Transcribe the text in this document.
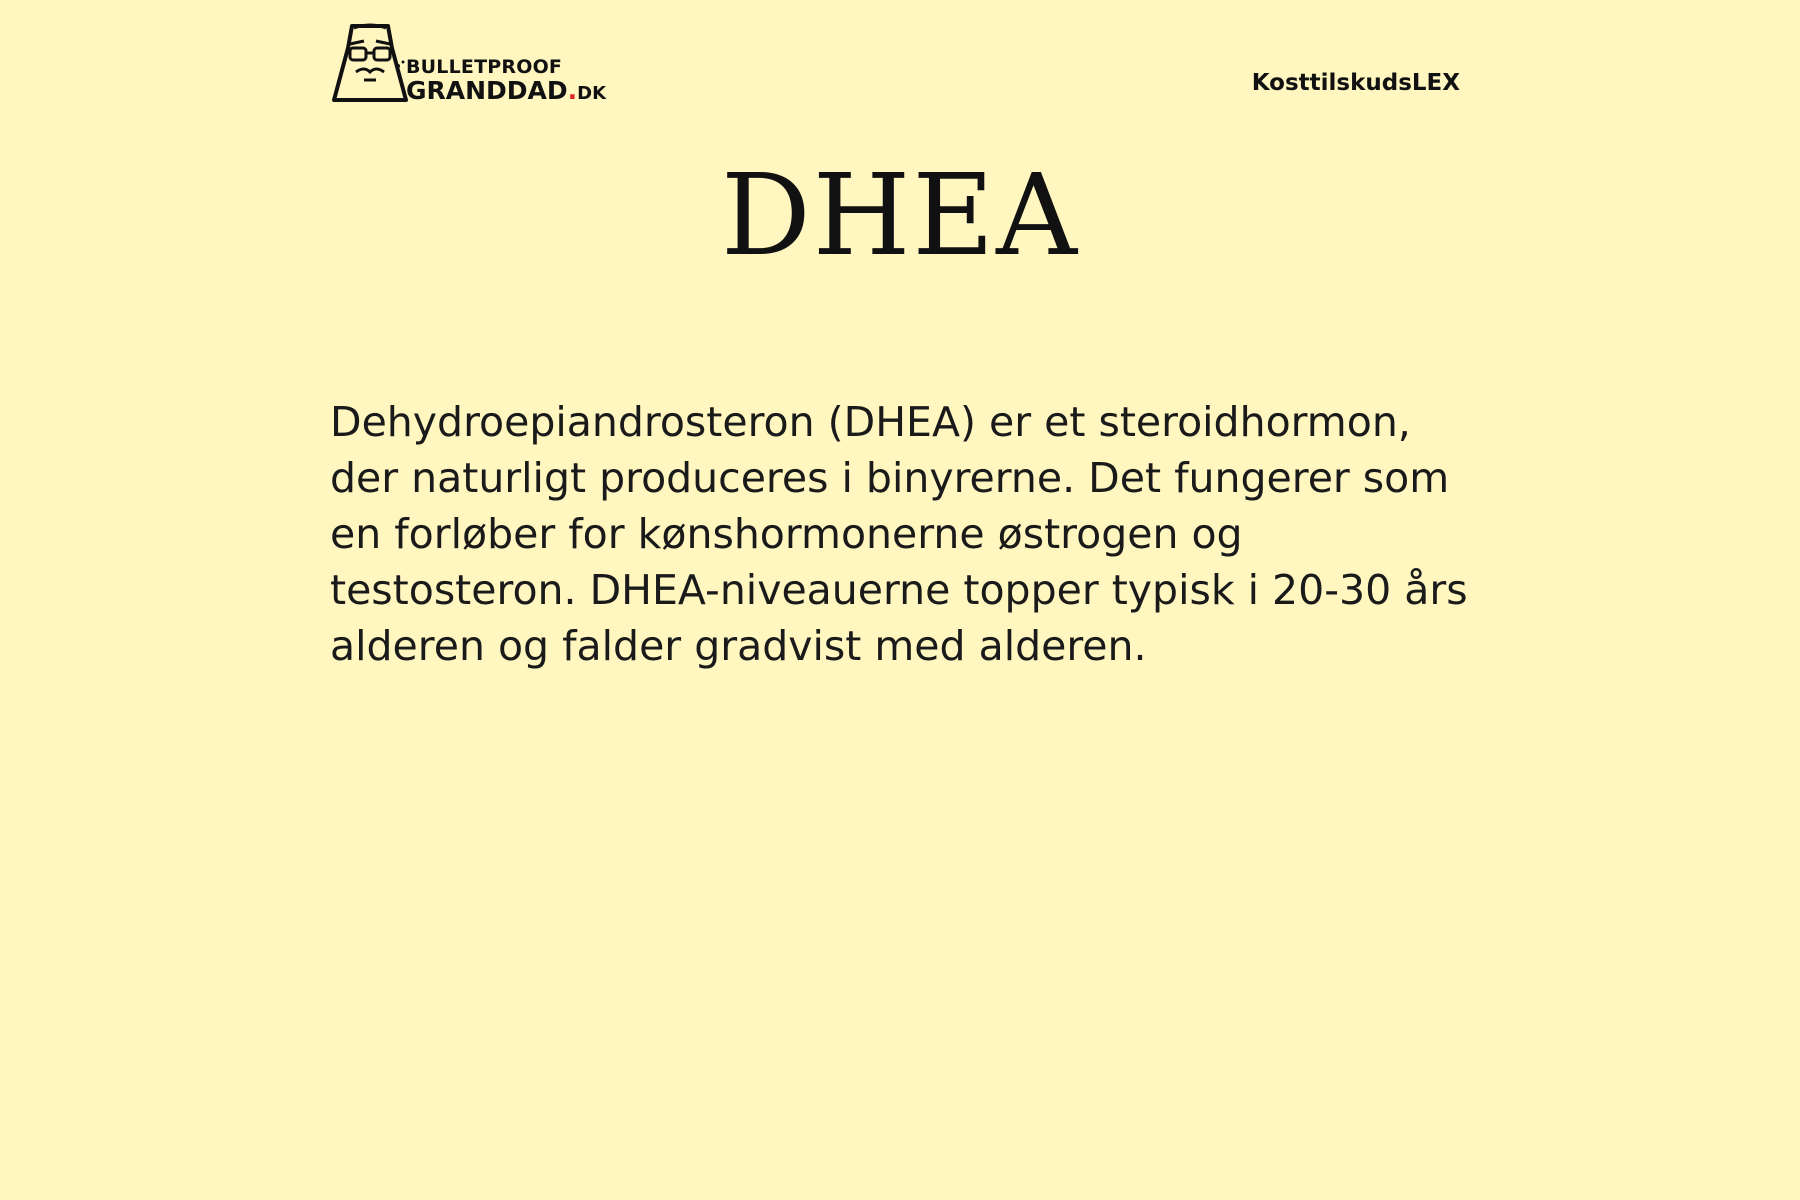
BULLETPROOF
GRANDDAD.DK	KosttilskudsLEX
DHEA

Dehydroepiandrosteron (DHEA) er et steroidhormon, der naturligt produceres i binyrerne. Det fungerer som en forløber for kønshormonerne østrogen og testosteron. DHEA-niveauerne topper typisk i 20-30 års alderen og falder gradvist med alderen.
